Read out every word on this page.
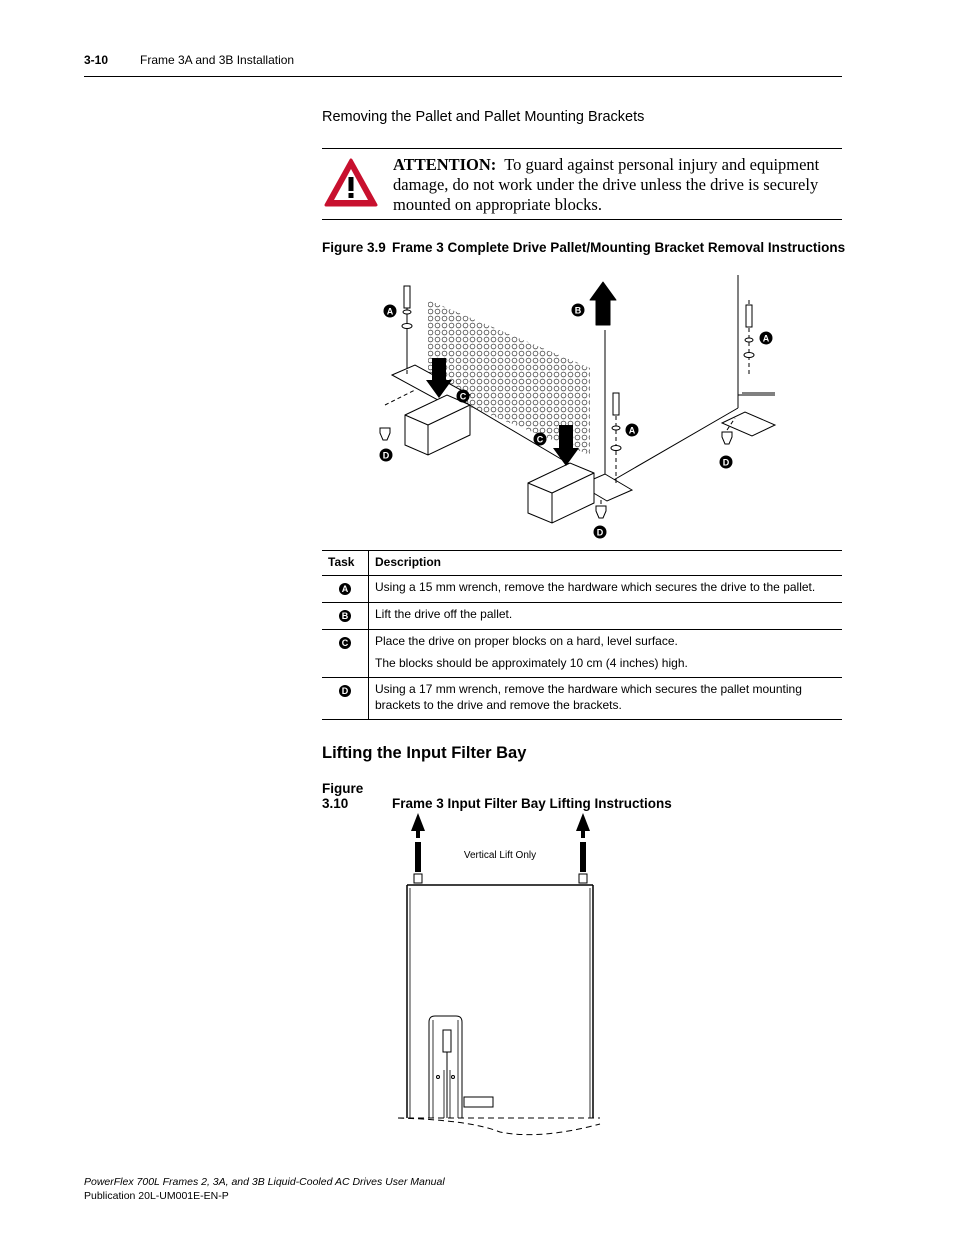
3-10	Frame 3A and 3B Installation
Removing the Pallet and Pallet Mounting Brackets
ATTENTION: To guard against personal injury and equipment damage, do not work under the drive unless the drive is securely mounted on appropriate blocks.
Figure 3.9 Frame 3 Complete Drive Pallet/Mounting Bracket Removal Instructions
A	B
A
C
A
C
D
D
D
Task	Description
A	Using a 15 mm wrench, remove the hardware which secures the drive to the pallet.

B	Lift the drive off the pallet.

C	Place the drive on proper blocks on a hard, level surface.
The blocks should be approximately 10 cm (4 inches) high.

D	Using a 17 mm wrench, remove the hardware which secures the pallet mounting brackets to the drive and remove the brackets.
Lifting the Input Filter Bay
Figure 3.10	Frame 3 Input Filter Bay Lifting Instructions
Vertical Lift Only
PowerFlex 700L Frames 2, 3A, and 3B Liquid-Cooled AC Drives User Manual
Publication 20L-UM001E-EN-P
